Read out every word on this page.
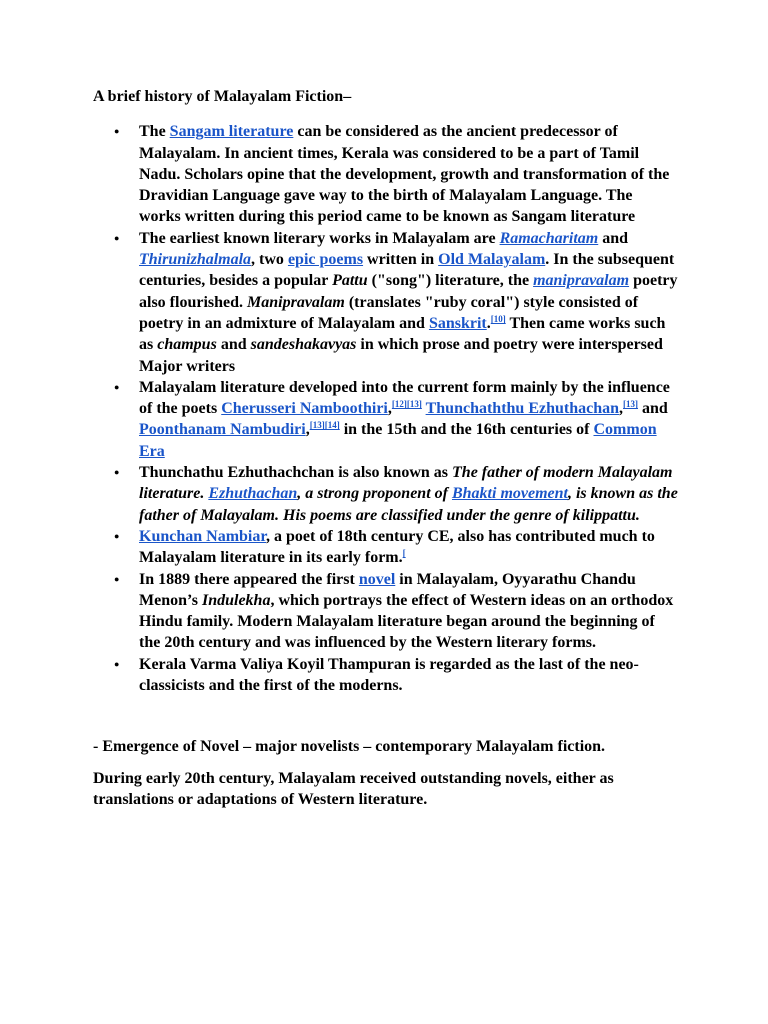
A brief history of Malayalam Fiction–
● The Sangam literature can be considered as the ancient predecessor of Malayalam. In ancient times, Kerala was considered to be a part of Tamil Nadu. Scholars opine that the development, growth and transformation of the Dravidian Language gave way to the birth of Malayalam Language. The works written during this period came to be known as Sangam literature
● The earliest known literary works in Malayalam are Ramacharitam and Thirunizhalmala, two epic poems written in Old Malayalam. In the subsequent centuries, besides a popular Pattu ("song") literature, the manipravalam poetry also flourished. Manipravalam (translates "ruby coral") style consisted of poetry in an admixture of Malayalam and Sanskrit.[10] Then came works such as champus and sandeshakavyas in which prose and poetry were interspersed
Major writers
● Malayalam literature developed into the current form mainly by the influence of the poets Cherusseri Namboothiri,[12][13] Thunchaththu Ezhuthachan,[13] and Poonthanam Nambudiri,[13][14] in the 15th and the 16th centuries of Common Era
● Thunchathu Ezhuthachchan is also known as The father of modern Malayalam literature. Ezhuthachan, a strong proponent of Bhakti movement, is known as the father of Malayalam. His poems are classified under the genre of kilippattu.
● Kunchan Nambiar, a poet of 18th century CE, also has contributed much to Malayalam literature in its early form.[
● In 1889 there appeared the first novel in Malayalam, Oyyarathu Chandu Menon’s Indulekha, which portrays the effect of Western ideas on an orthodox Hindu family. Modern Malayalam literature began around the beginning of the 20th century and was influenced by the Western literary forms.
● Kerala Varma Valiya Koyil Thampuran is regarded as the last of the neo-classicists and the first of the moderns.
- Emergence of Novel – major novelists – contemporary Malayalam fiction.
During early 20th century, Malayalam received outstanding novels, either as translations or adaptations of Western literature.
